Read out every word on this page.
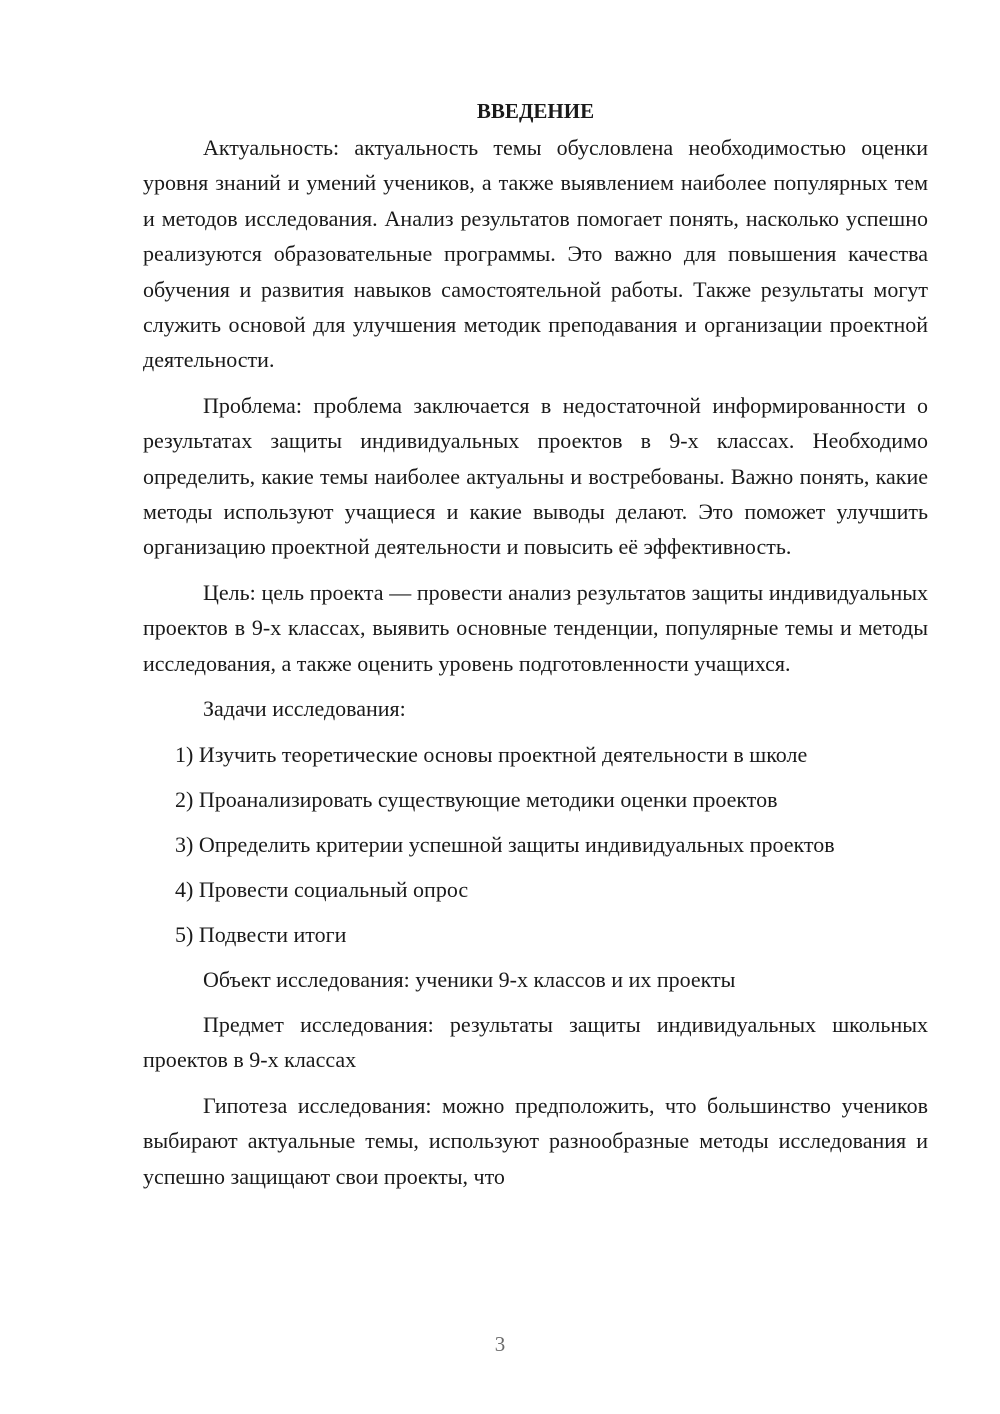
ВВЕДЕНИЕ

Актуальность: актуальность темы обусловлена необходимостью оценки уровня знаний и умений учеников, а также выявлением наиболее популярных тем и методов исследования. Анализ результатов помогает понять, насколько успешно реализуются образовательные программы. Это важно для повышения качества обучения и развития навыков самостоятельной работы. Также результаты могут служить основой для улучшения методик преподавания и организации проектной деятельности.

Проблема: проблема заключается в недостаточной информированности о результатах защиты индивидуальных проектов в 9-х классах. Необходимо определить, какие темы наиболее актуальны и востребованы. Важно понять, какие методы используют учащиеся и какие выводы делают. Это поможет улучшить организацию проектной деятельности и повысить её эффективность.

Цель: цель проекта — провести анализ результатов защиты индивидуальных проектов в 9-х классах, выявить основные тенденции, популярные темы и методы исследования, а также оценить уровень подготовленности учащихся.

Задачи исследования:

1) Изучить теоретические основы проектной деятельности в школе
2) Проанализировать существующие методики оценки проектов
3) Определить критерии успешной защиты индивидуальных проектов
4) Провести социальный опрос
5) Подвести итоги

Объект исследования: ученики 9-х классов и их проекты

Предмет исследования: результаты защиты индивидуальных школьных проектов в 9-х классах

Гипотеза исследования: можно предположить, что большинство учеников выбирают актуальные темы, используют разнообразные методы исследования и успешно защищают свои проекты, что

3
